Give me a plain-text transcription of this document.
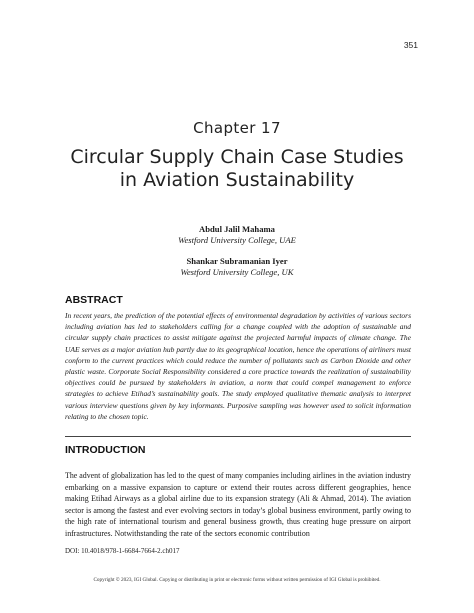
351
Chapter 17
Circular Supply Chain Case Studies in Aviation Sustainability
Abdul Jalil Mahama
Westford University College, UAE
Shankar Subramanian Iyer
Westford University College, UK
ABSTRACT

In recent years, the prediction of the potential effects of environmental degradation by activities of various sectors including aviation has led to stakeholders calling for a change coupled with the adoption of sustainable and circular supply chain practices to assist mitigate against the projected harmful impacts of climate change. The UAE serves as a major aviation hub partly due to its geographical location, hence the operations of airliners must conform to the current practices which could reduce the number of pollutants such as Carbon Dioxide and other plastic waste. Corporate Social Responsibility considered a core practice towards the realization of sustainability objectives could be pursued by stakeholders in aviation, a norm that could compel management to enforce strategies to achieve Etihad’s sustainability goals. The study employed qualitative thematic analysis to interpret various interview questions given by key informants. Purposive sampling was however used to solicit information relating to the chosen topic.

INTRODUCTION

The advent of globalization has led to the quest of many companies including airlines in the aviation industry embarking on a massive expansion to capture or extend their routes across different geographies, hence making Etihad Airways as a global airline due to its expansion strategy (Ali & Ahmad, 2014). The aviation sector is among the fastest and ever evolving sectors in today’s global business environment, partly owing to the high rate of international tourism and general business growth, thus creating huge pressure on airport infrastructures. Notwithstanding the rate of the sectors economic contribution

DOI: 10.4018/978-1-6684-7664-2.ch017
Copyright © 2023, IGI Global. Copying or distributing in print or electronic forms without written permission of IGI Global is prohibited.
